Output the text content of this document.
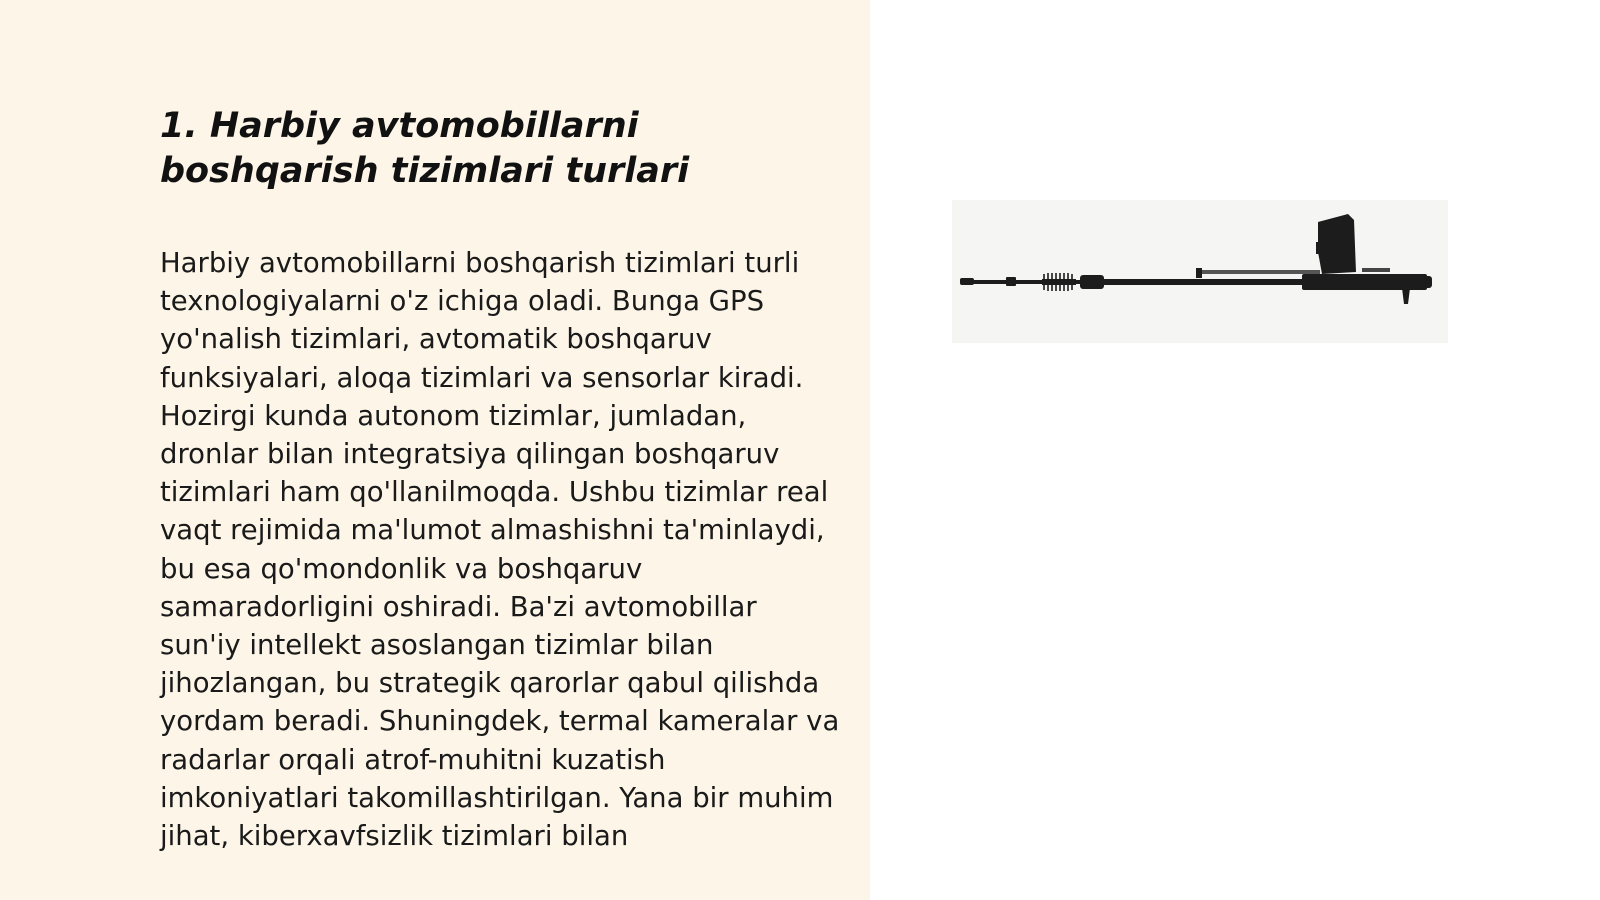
1. Harbiy avtomobillarni boshqarish tizimlari turlari

Harbiy avtomobillarni boshqarish tizimlari turli texnologiyalarni o'z ichiga oladi. Bunga GPS yo'nalish tizimlari, avtomatik boshqaruv funksiyalari, aloqa tizimlari va sensorlar kiradi. Hozirgi kunda autonom tizimlar, jumladan, dronlar bilan integratsiya qilingan boshqaruv tizimlari ham qo'llanilmoqda. Ushbu tizimlar real vaqt rejimida ma'lumot almashishni ta'minlaydi, bu esa qo'mondonlik va boshqaruv samaradorligini oshiradi. Ba'zi avtomobillar sun'iy intellekt asoslangan tizimlar bilan jihozlangan, bu strategik qarorlar qabul qilishda yordam beradi. Shuningdek, termal kameralar va radarlar orqali atrof-muhitni kuzatish imkoniyatlari takomillashtirilgan. Yana bir muhim jihat, kiberxavfsizlik tizimlari bilan
